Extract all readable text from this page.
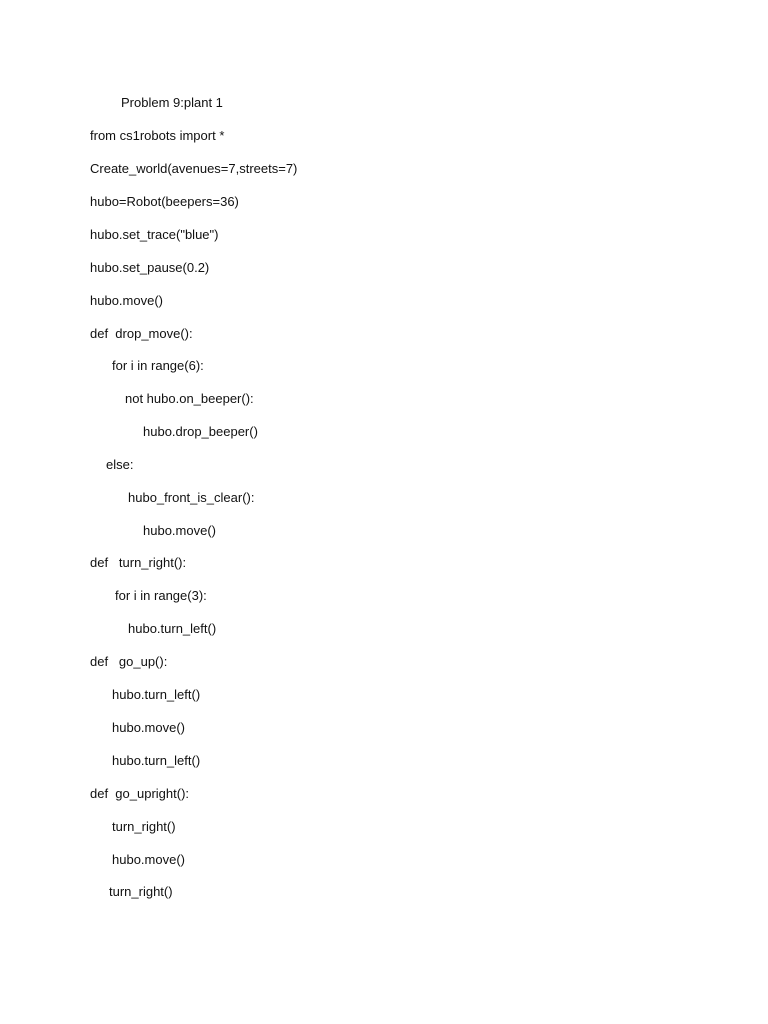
Problem 9:plant 1
from cs1robots import *
Create_world(avenues=7,streets=7)
hubo=Robot(beepers=36)
hubo.set_trace("blue")
hubo.set_pause(0.2)
hubo.move()
def  drop_move():
for i in range(6):
not hubo.on_beeper():
hubo.drop_beeper()
else:
hubo_front_is_clear():
hubo.move()
def   turn_right():
for i in range(3):
hubo.turn_left()
def   go_up():
hubo.turn_left()
hubo.move()
hubo.turn_left()
def  go_upright():
turn_right()
hubo.move()
turn_right()
